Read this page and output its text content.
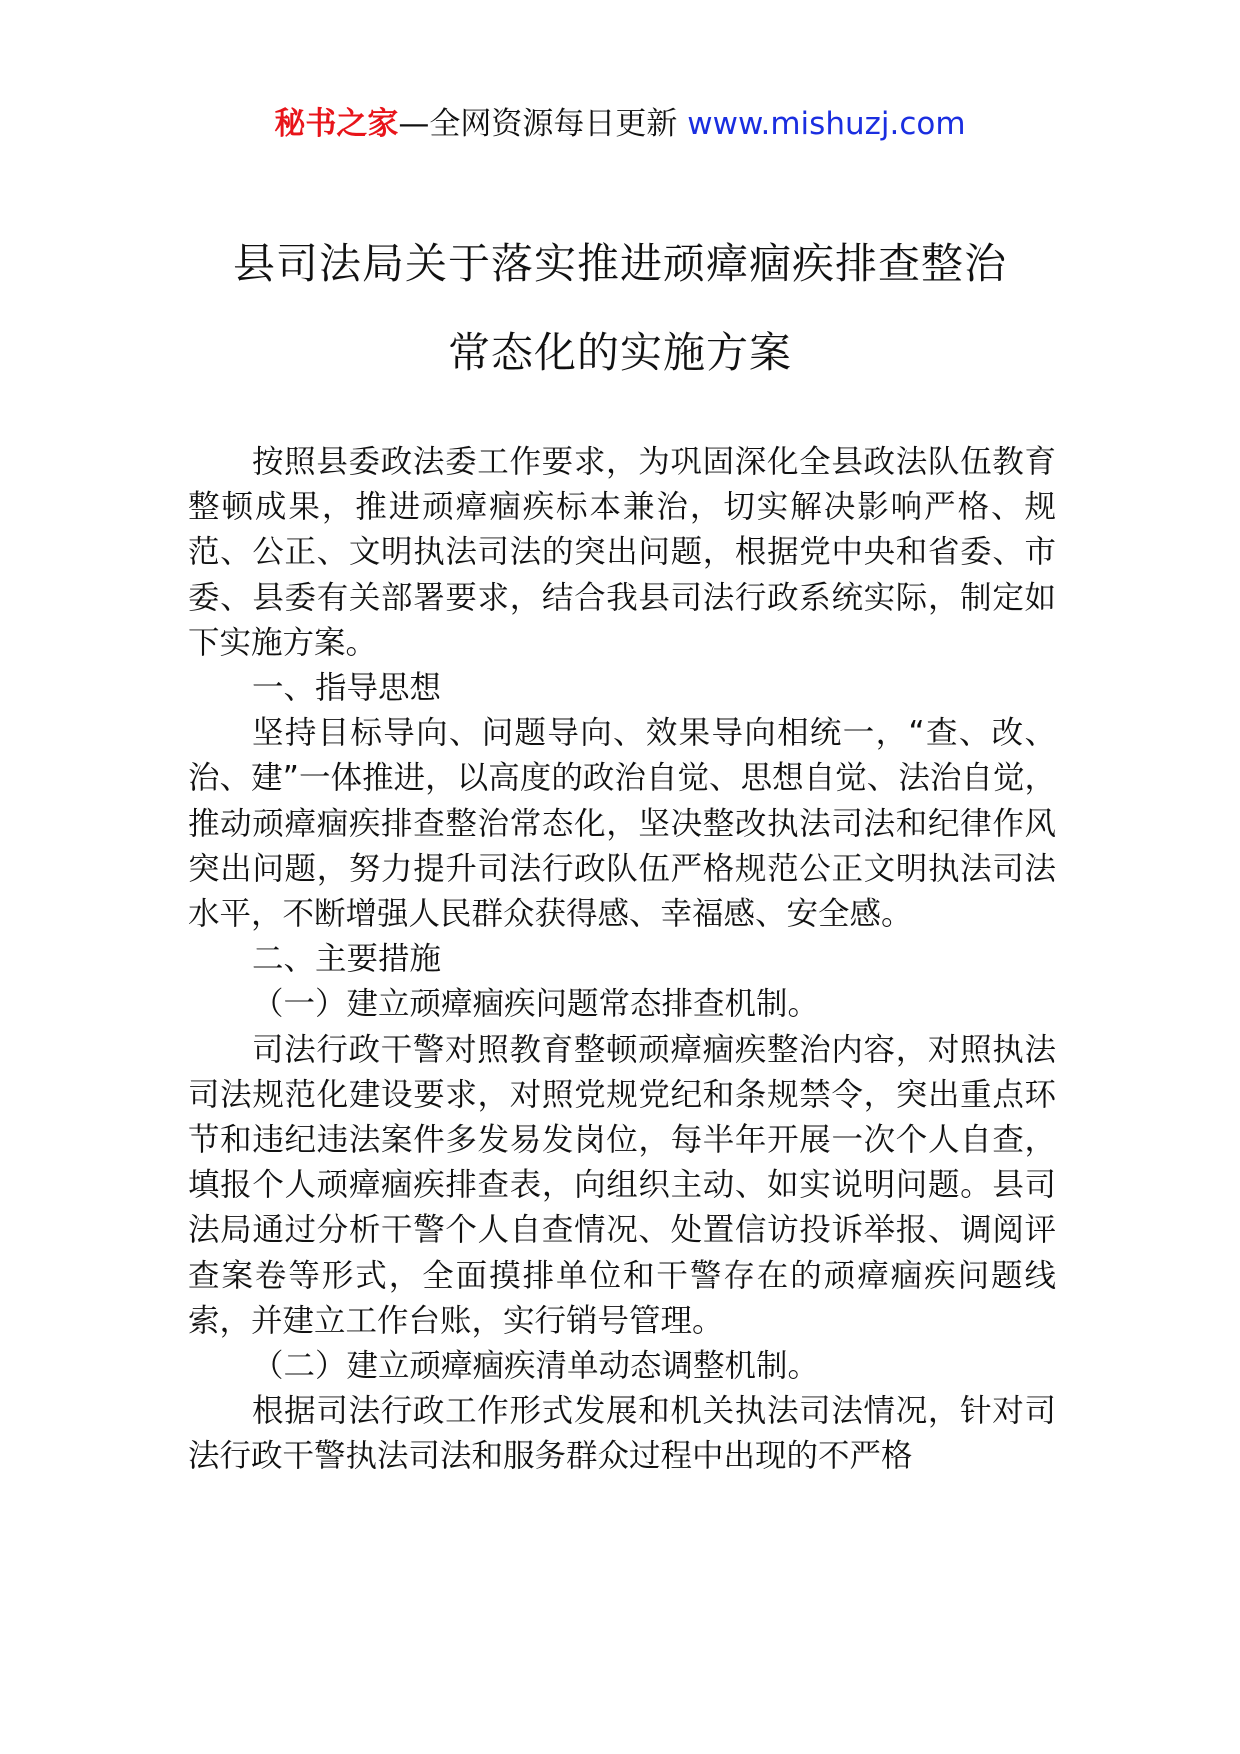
秘书之家—全网资源每日更新 www.mishuzj.com
县司法局关于落实推进顽瘴痼疾排查整治
常态化的实施方案

按照县委政法委工作要求，为巩固深化全县政法队伍教育整顿成果，推进顽瘴痼疾标本兼治，切实解决影响严格、规范、公正、文明执法司法的突出问题，根据党中央和省委、市委、县委有关部署要求，结合我县司法行政系统实际，制定如下实施方案。

一、指导思想

坚持目标导向、问题导向、效果导向相统一，“查、改、治、建”一体推进，以高度的政治自觉、思想自觉、法治自觉，推动顽瘴痼疾排查整治常态化，坚决整改执法司法和纪律作风突出问题，努力提升司法行政队伍严格规范公正文明执法司法水平，不断增强人民群众获得感、幸福感、安全感。

二、主要措施

（一）建立顽瘴痼疾问题常态排查机制。

司法行政干警对照教育整顿顽瘴痼疾整治内容，对照执法司法规范化建设要求，对照党规党纪和条规禁令，突出重点环节和违纪违法案件多发易发岗位，每半年开展一次个人自查，填报个人顽瘴痼疾排查表，向组织主动、如实说明问题。县司法局通过分析干警个人自查情况、处置信访投诉举报、调阅评查案卷等形式，全面摸排单位和干警存在的顽瘴痼疾问题线索，并建立工作台账，实行销号管理。

（二）建立顽瘴痼疾清单动态调整机制。

根据司法行政工作形式发展和机关执法司法情况，针对司法行政干警执法司法和服务群众过程中出现的不严格
